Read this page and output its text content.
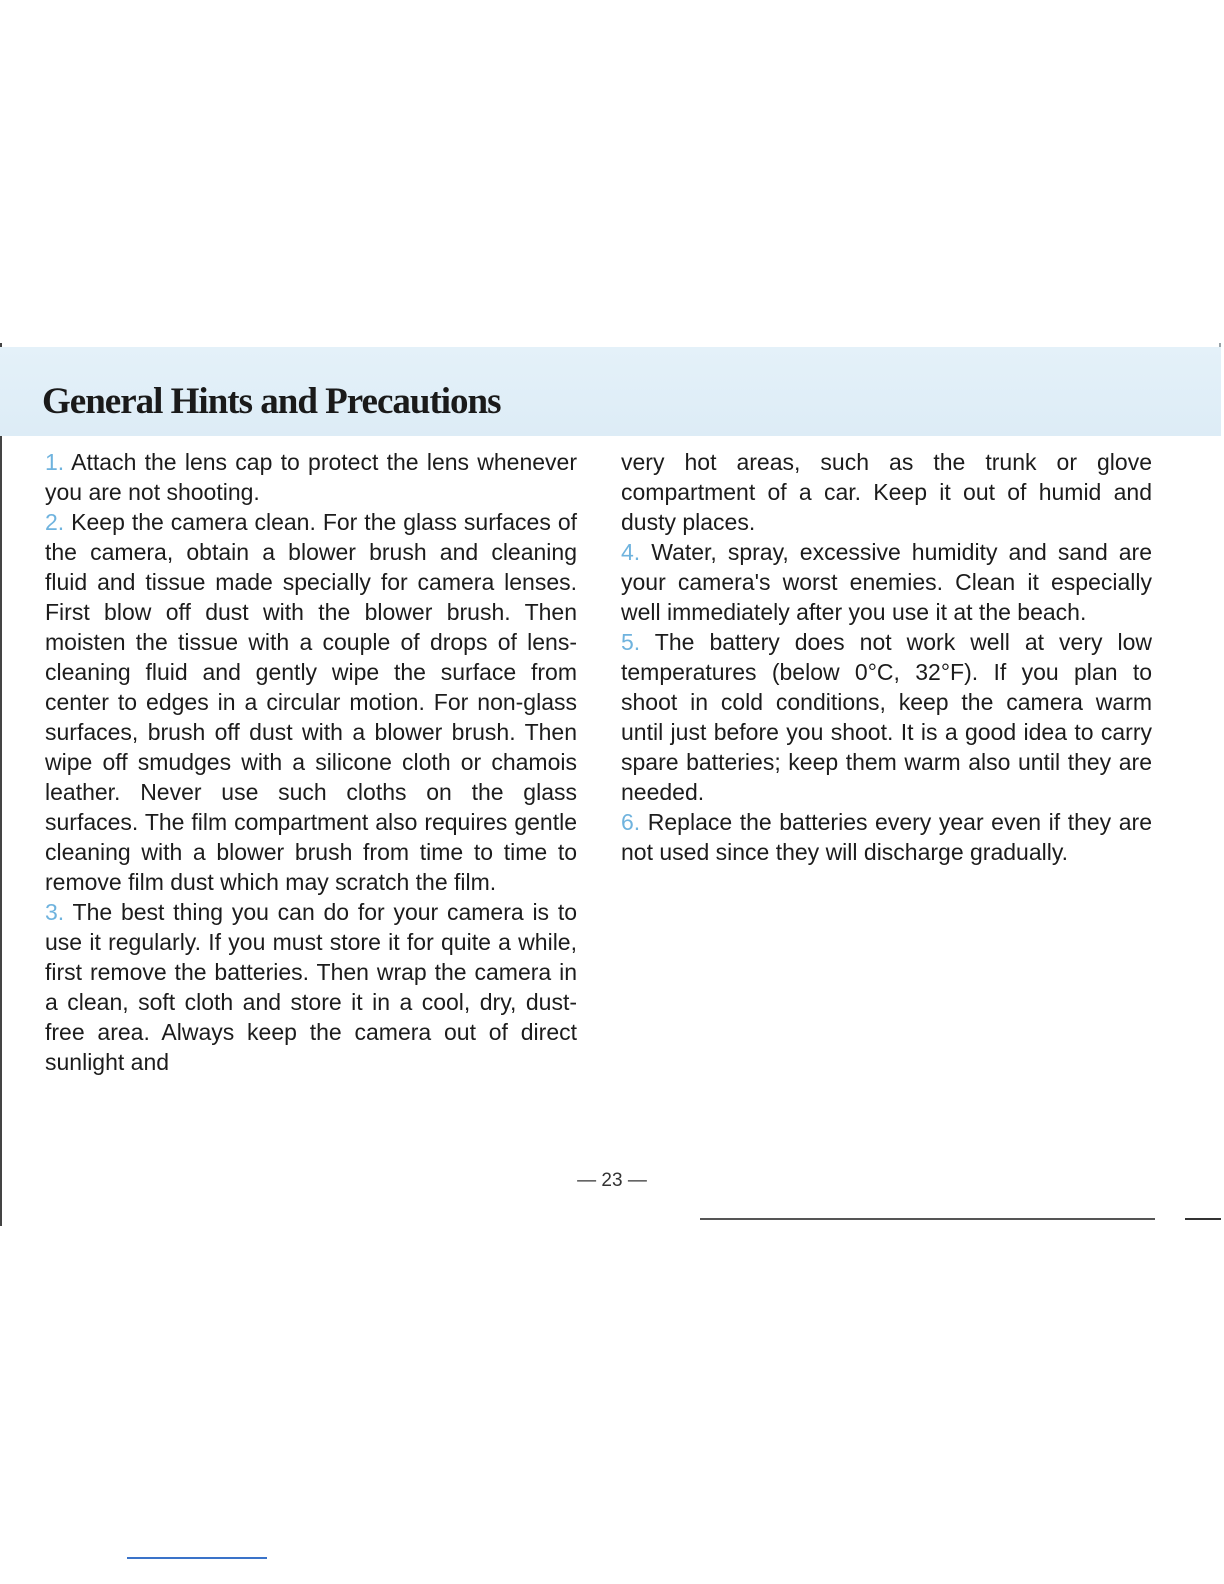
General Hints and Precautions

1. Attach the lens cap to protect the lens whenever you are not shooting.

2. Keep the camera clean. For the glass surfaces of the camera, obtain a blower brush and cleaning fluid and tissue made specially for camera lenses. First blow off dust with the blower brush. Then moisten the tissue with a couple of drops of lens-cleaning fluid and gently wipe the surface from center to edges in a circular motion. For non-glass surfaces, brush off dust with a blower brush. Then wipe off smudges with a silicone cloth or chamois leather. Never use such cloths on the glass surfaces. The film compartment also requires gentle cleaning with a blower brush from time to time to remove film dust which may scratch the film.

3. The best thing you can do for your camera is to use it regularly. If you must store it for quite a while, first remove the batteries. Then wrap the camera in a clean, soft cloth and store it in a cool, dry, dust-free area. Always keep the camera out of direct sunlight and

very hot areas, such as the trunk or glove compartment of a car. Keep it out of humid and dusty places.

4. Water, spray, excessive humidity and sand are your camera's worst enemies. Clean it especially well immediately after you use it at the beach.

5. The battery does not work well at very low temperatures (below 0°C, 32°F). If you plan to shoot in cold conditions, keep the camera warm until just before you shoot. It is a good idea to carry spare batteries; keep them warm also until they are needed.

6. Replace the batteries every year even if they are not used since they will discharge gradually.

— 23 —
